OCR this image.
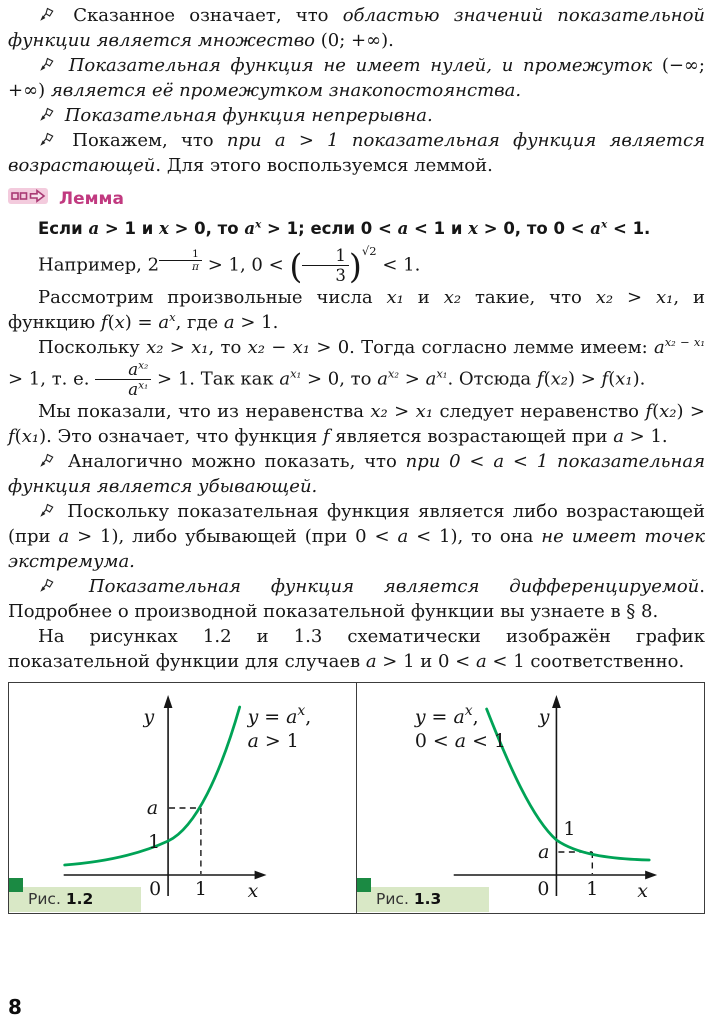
Сказанное означает, что областью значений показательной функции является множество (0; +∞).

Показательная функция не имеет нулей, и промежуток (−∞; +∞) является её промежутком знакопостоянства.

Показательная функция непрерывна.

Покажем, что при a > 1 показательная функция является возрастающей. Для этого воспользуемся леммой.

Лемма

Если a > 1 и x > 0, то $a^x > 1$; если 0 < a < 1 и x > 0, то $0 < a^x < 1$.

Например, 2 $^{\frac{1}{\pi}}$ > 1, 0 < ( $\frac{1}{3} )^{√2} < 1$.

Рассмотрим произвольные числа x₁ и x₂ такие, что x₂ > x₁, и функцию $f(x) = a^x$, где a > 1.

Поскольку x₂ > x₁, то x₂ − x₁ > 0. Тогда согласно лемме имеем: $a^{x_2 - x_1} > 1$, т. е. $\frac{a^{x_2}}{a^{x_1}} > 1$. Так как $a^{x_1} > 0$, то $a^{x_2} > a^{x_1}$. Отсюда f(x₂) > f(x₁).

Мы показали, что из неравенства x₂ > x₁ следует неравенство f(x₂) > f(x₁). Это означает, что функция f является возрастающей при a > 1.

Аналогично можно показать, что при 0 < a < 1 показательная функция является убывающей.

Поскольку показательная функция является либо возрастающей (при a > 1), либо убывающей (при 0 < a < 1), то она не имеет точек экстремума.

Показательная функция является дифференцируемой. Подробнее о производной показательной функции вы узнаете в § 8.

На рисунках 1.2 и 1.3 схематически изображён график показательной функции для случаев a > 1 и 0 < a < 1 соответственно.

y
x
0 1
1
a
$y = a^x$,
a > 1
Рис. 1.2
y
x
0 1
1
a
$y = a^x$,
0 < a < 1
Рис. 1.3
8
